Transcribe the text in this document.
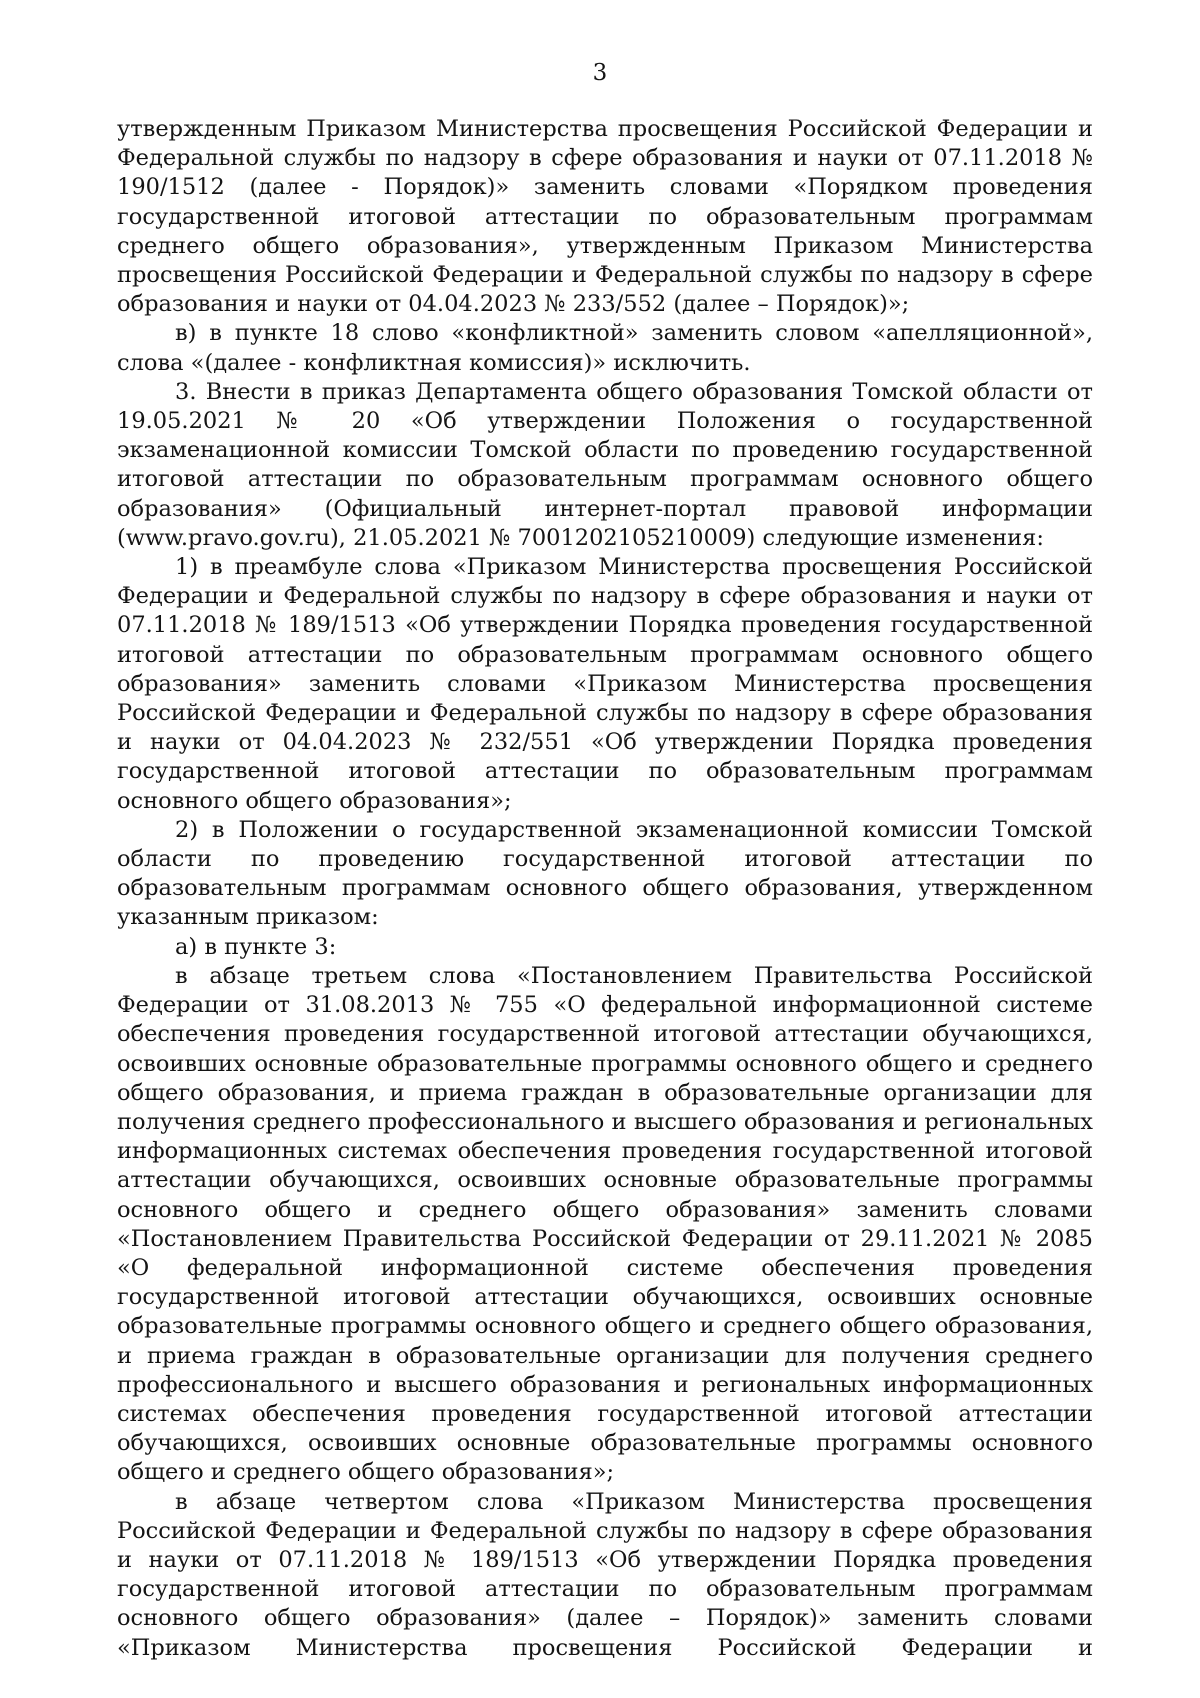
3

утвержденным Приказом Министерства просвещения Российской Федерации и Федеральной службы по надзору в сфере образования и науки от 07.11.2018 № 190/1512 (далее - Порядок)» заменить словами «Порядком проведения государственной итоговой аттестации по образовательным программам среднего общего образования», утвержденным Приказом Министерства просвещения Российской Федерации и Федеральной службы по надзору в сфере образования и науки от 04.04.2023 № 233/552 (далее – Порядок)»;

в) в пункте 18 слово «конфликтной» заменить словом «апелляционной», слова «(далее - конфликтная комиссия)» исключить.

3. Внести в приказ Департамента общего образования Томской области от 19.05.2021 № 20 «Об утверждении Положения о государственной экзаменационной комиссии Томской области по проведению государственной итоговой аттестации по образовательным программам основного общего образования» (Официальный интернет-портал правовой информации (www.pravo.gov.ru), 21.05.2021 № 7001202105210009) следующие изменения:

1) в преамбуле слова «Приказом Министерства просвещения Российской Федерации и Федеральной службы по надзору в сфере образования и науки от 07.11.2018 № 189/1513 «Об утверждении Порядка проведения государственной итоговой аттестации по образовательным программам основного общего образования» заменить словами «Приказом Министерства просвещения Российской Федерации и Федеральной службы по надзору в сфере образования и науки от 04.04.2023 № 232/551 «Об утверждении Порядка проведения государственной итоговой аттестации по образовательным программам основного общего образования»;

2) в Положении о государственной экзаменационной комиссии Томской области по проведению государственной итоговой аттестации по образовательным программам основного общего образования, утвержденном указанным приказом:

а) в пункте 3:

в абзаце третьем слова «Постановлением Правительства Российской Федерации от 31.08.2013 № 755 «О федеральной информационной системе обеспечения проведения государственной итоговой аттестации обучающихся, освоивших основные образовательные программы основного общего и среднего общего образования, и приема граждан в образовательные организации для получения среднего профессионального и высшего образования и региональных информационных системах обеспечения проведения государственной итоговой аттестации обучающихся, освоивших основные образовательные программы основного общего и среднего общего образования» заменить словами «Постановлением Правительства Российской Федерации от 29.11.2021 № 2085 «О федеральной информационной системе обеспечения проведения государственной итоговой аттестации обучающихся, освоивших основные образовательные программы основного общего и среднего общего образования, и приема граждан в образовательные организации для получения среднего профессионального и высшего образования и региональных информационных системах обеспечения проведения государственной итоговой аттестации обучающихся, освоивших основные образовательные программы основного общего и среднего общего образования»;

в абзаце четвертом слова «Приказом Министерства просвещения Российской Федерации и Федеральной службы по надзору в сфере образования и науки от 07.11.2018 № 189/1513 «Об утверждении Порядка проведения государственной итоговой аттестации по образовательным программам основного общего образования» (далее – Порядок)» заменить словами «Приказом Министерства просвещения Российской Федерации и
